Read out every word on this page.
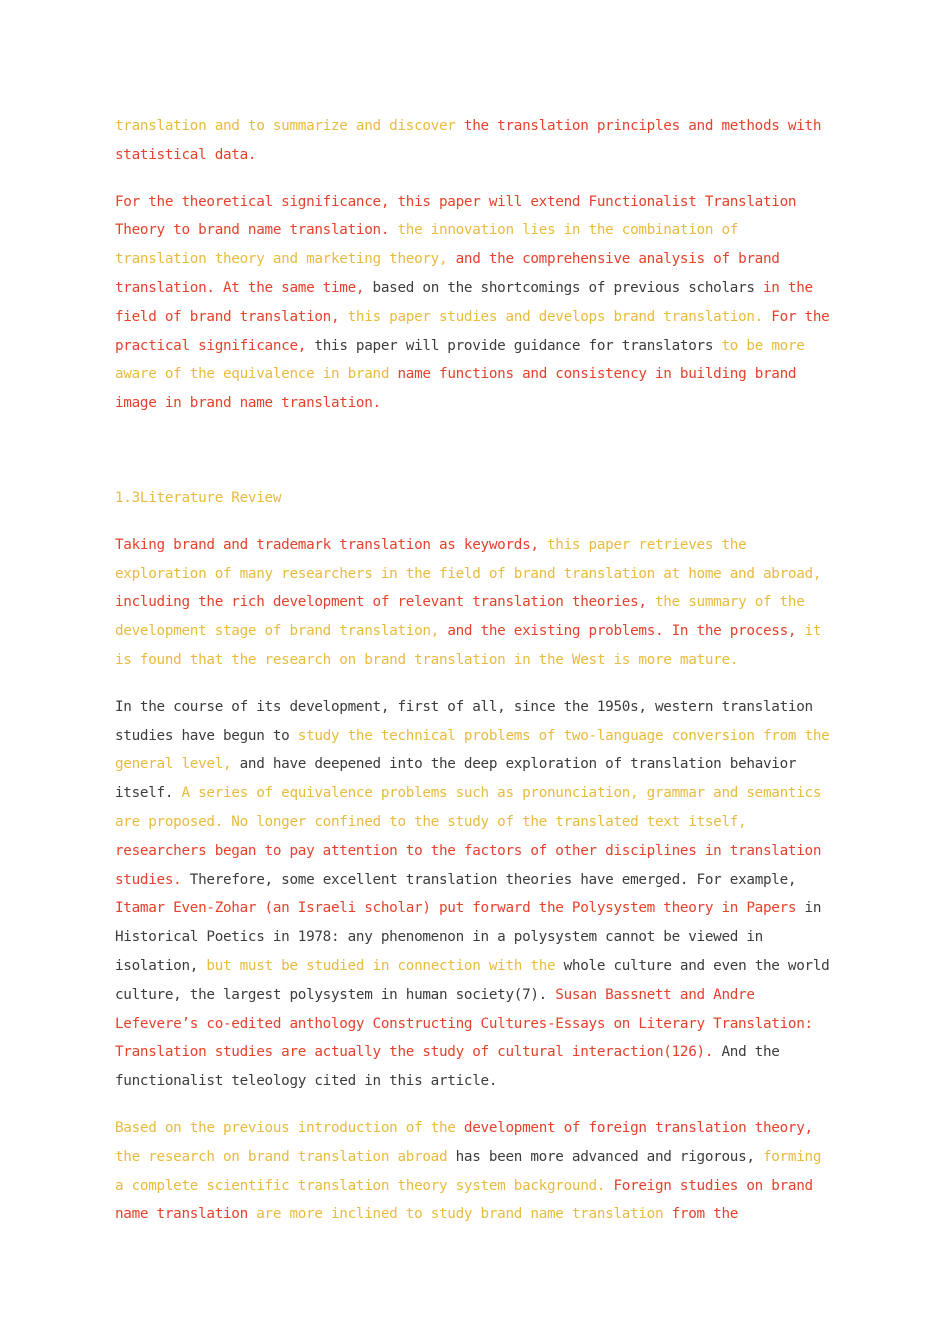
translation and to summarize and discover the translation principles and methods with statistical data.

For the theoretical significance, this paper will extend Functionalist Translation Theory to brand name translation. the innovation lies in the combination of translation theory and marketing theory, and the comprehensive analysis of brand translation. At the same time, based on the shortcomings of previous scholars in the field of brand translation, this paper studies and develops brand translation. For the practical significance, this paper will provide guidance for translators to be more aware of the equivalence in brand name functions and consistency in building brand image in brand name translation.

1.3Literature Review

Taking brand and trademark translation as keywords, this paper retrieves the exploration of many researchers in the field of brand translation at home and abroad, including the rich development of relevant translation theories, the summary of the development stage of brand translation, and the existing problems. In the process, it is found that the research on brand translation in the West is more mature.

In the course of its development, first of all, since the 1950s, western translation studies have begun to study the technical problems of two-language conversion from the general level, and have deepened into the deep exploration of translation behavior itself. A series of equivalence problems such as pronunciation, grammar and semantics are proposed. No longer confined to the study of the translated text itself, researchers began to pay attention to the factors of other disciplines in translation studies. Therefore, some excellent translation theories have emerged. For example, Itamar Even-Zohar (an Israeli scholar) put forward the Polysystem theory in Papers in Historical Poetics in 1978: any phenomenon in a polysystem cannot be viewed in isolation, but must be studied in connection with the whole culture and even the world culture, the largest polysystem in human society(7). Susan Bassnett and Andre Lefevere’s co-edited anthology Constructing Cultures-Essays on Literary Translation: Translation studies are actually the study of cultural interaction(126). And the functionalist teleology cited in this article.

Based on the previous introduction of the development of foreign translation theory, the research on brand translation abroad has been more advanced and rigorous, forming a complete scientific translation theory system background. Foreign studies on brand name translation are more inclined to study brand name translation from the
